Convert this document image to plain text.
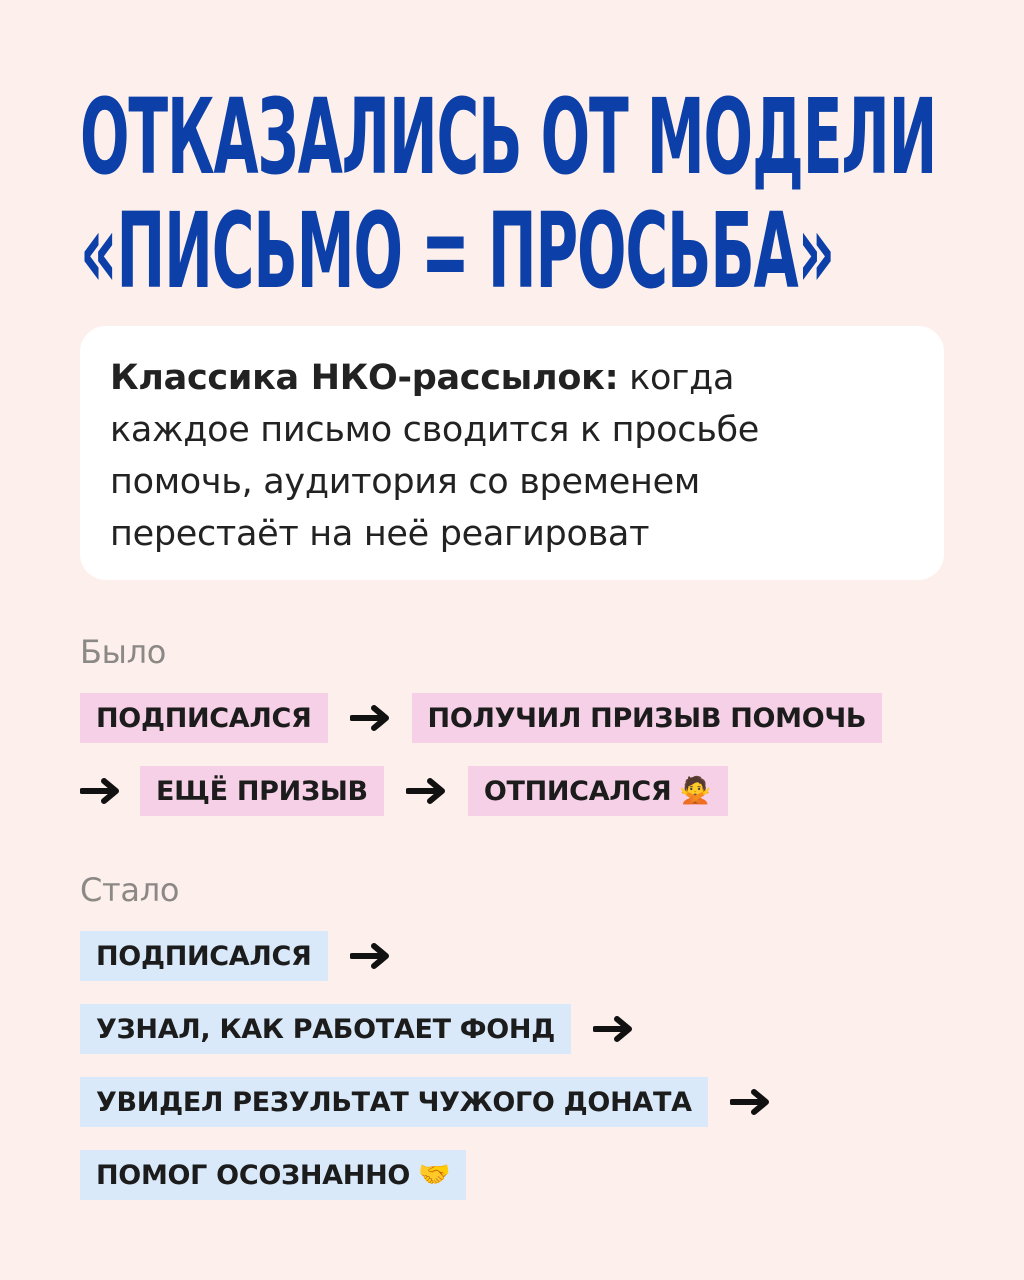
ОТКАЗАЛИСЬ ОТ МОДЕЛИ
«ПИСЬМО = ПРОСЬБА»
Классика НКО-рассылок: когда
каждое письмо сводится к просьбе
помочь, аудитория со временем
перестаёт на неё реагироват
Было
ПОДПИСАЛСЯ	ПОЛУЧИЛ ПРИЗЫВ ПОМОЧЬ
ЕЩЁ ПРИЗЫВ	ОТПИСАЛСЯ 🙅
Стало
ПОДПИСАЛСЯ
УЗНАЛ, КАК РАБОТАЕТ ФОНД
УВИДЕЛ РЕЗУЛЬТАТ ЧУЖОГО ДОНАТА
ПОМОГ ОСОЗНАННО 🤝
